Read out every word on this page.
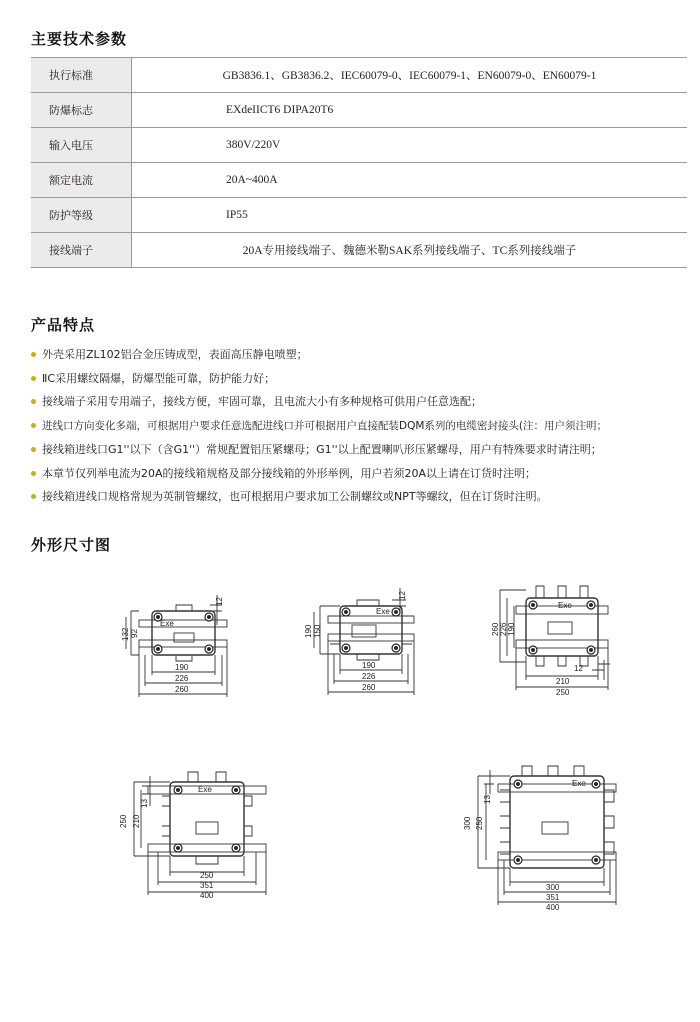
主要技术参数
执行标准	GB3836.1、GB3836.2、IEC60079-0、IEC60079-1、EN60079-0、EN60079-1
防爆标志	EXdeIICT6 DIPA20T6
输入电压	380V/220V
额定电流	20A~400A
防护等级	IP55
接线端子	20A专用接线端子、魏德米勒SAK系列接线端子、TC系列接线端子
产品特点
外壳采用ZL102铝合金压铸成型，表面高压静电喷塑；
ⅡC采用螺纹隔爆，防爆型能可靠，防护能力好；
接线端子采用专用端子，接线方便，牢固可靠，且电流大小有多种规格可供用户任意选配；
进线口方向变化多端，可根据用户要求任意选配进线口并可根据用户直接配装DQM系列的电缆密封接头(注：用户须注明；
接线箱进线口G1''以下（含G1''）常规配置铝压紧螺母；G1''以上配置喇叭形压紧螺母，用户有特殊要求时请注明；
本章节仅列举电流为20A的接线箱规格及部分接线箱的外形举例，用户若须20A以上请在订货时注明；
接线箱进线口规格常规为英制管螺纹，也可根据用户要求加工公制螺纹或NPT等螺纹，但在订货时注明。
外形尺寸图
Exe
190
226
260
132 92
12
Exe
190
226
260
190 150
12
Exe
210
250
260 226 190
12
Exe
250
351
400
250 210
13
Exe
300
351
400
300 250
13
